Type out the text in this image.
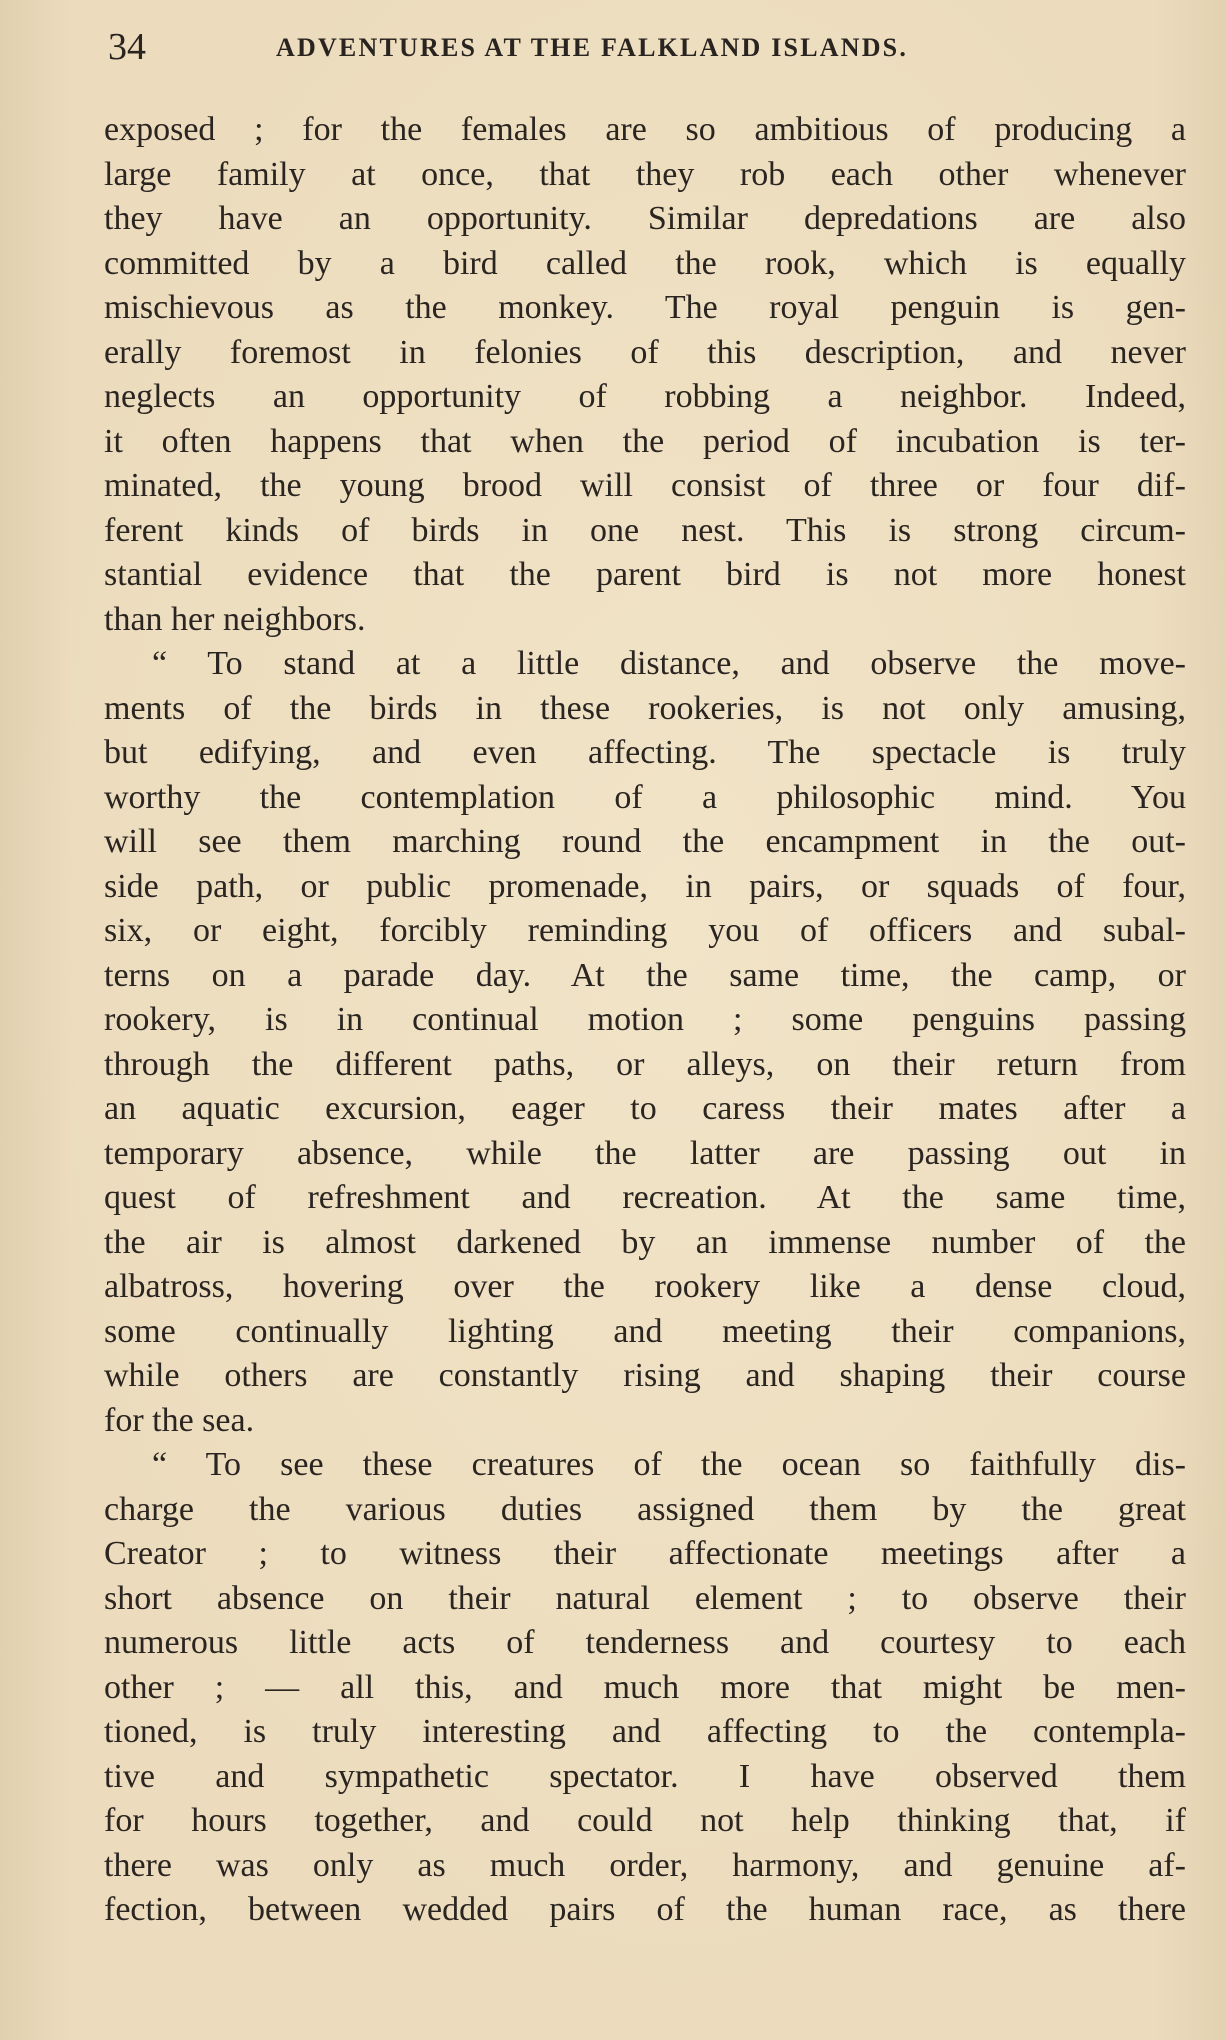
34	ADVENTURES AT THE FALKLAND ISLANDS.
exposed ; for the females are so ambitious of producing a
large family at once, that they rob each other whenever
they have an opportunity. Similar depredations are also
committed by a bird called the rook, which is equally
mischievous as the monkey. The royal penguin is gen-
erally foremost in felonies of this description, and never
neglects an opportunity of robbing a neighbor. Indeed,
it often happens that when the period of incubation is ter-
minated, the young brood will consist of three or four dif-
ferent kinds of birds in one nest. This is strong circum-
stantial evidence that the parent bird is not more honest
than her neighbors.
“ To stand at a little distance, and observe the move-
ments of the birds in these rookeries, is not only amusing,
but edifying, and even affecting. The spectacle is truly
worthy the contemplation of a philosophic mind. You
will see them marching round the encampment in the out-
side path, or public promenade, in pairs, or squads of four,
six, or eight, forcibly reminding you of officers and subal-
terns on a parade day. At the same time, the camp, or
rookery, is in continual motion ; some penguins passing
through the different paths, or alleys, on their return from
an aquatic excursion, eager to caress their mates after a
temporary absence, while the latter are passing out in
quest of refreshment and recreation. At the same time,
the air is almost darkened by an immense number of the
albatross, hovering over the rookery like a dense cloud,
some continually lighting and meeting their companions,
while others are constantly rising and shaping their course
for the sea.
“ To see these creatures of the ocean so faithfully dis-
charge the various duties assigned them by the great
Creator ; to witness their affectionate meetings after a
short absence on their natural element ; to observe their
numerous little acts of tenderness and courtesy to each
other ; — all this, and much more that might be men-
tioned, is truly interesting and affecting to the contempla-
tive and sympathetic spectator. I have observed them
for hours together, and could not help thinking that, if
there was only as much order, harmony, and genuine af-
fection, between wedded pairs of the human race, as there
